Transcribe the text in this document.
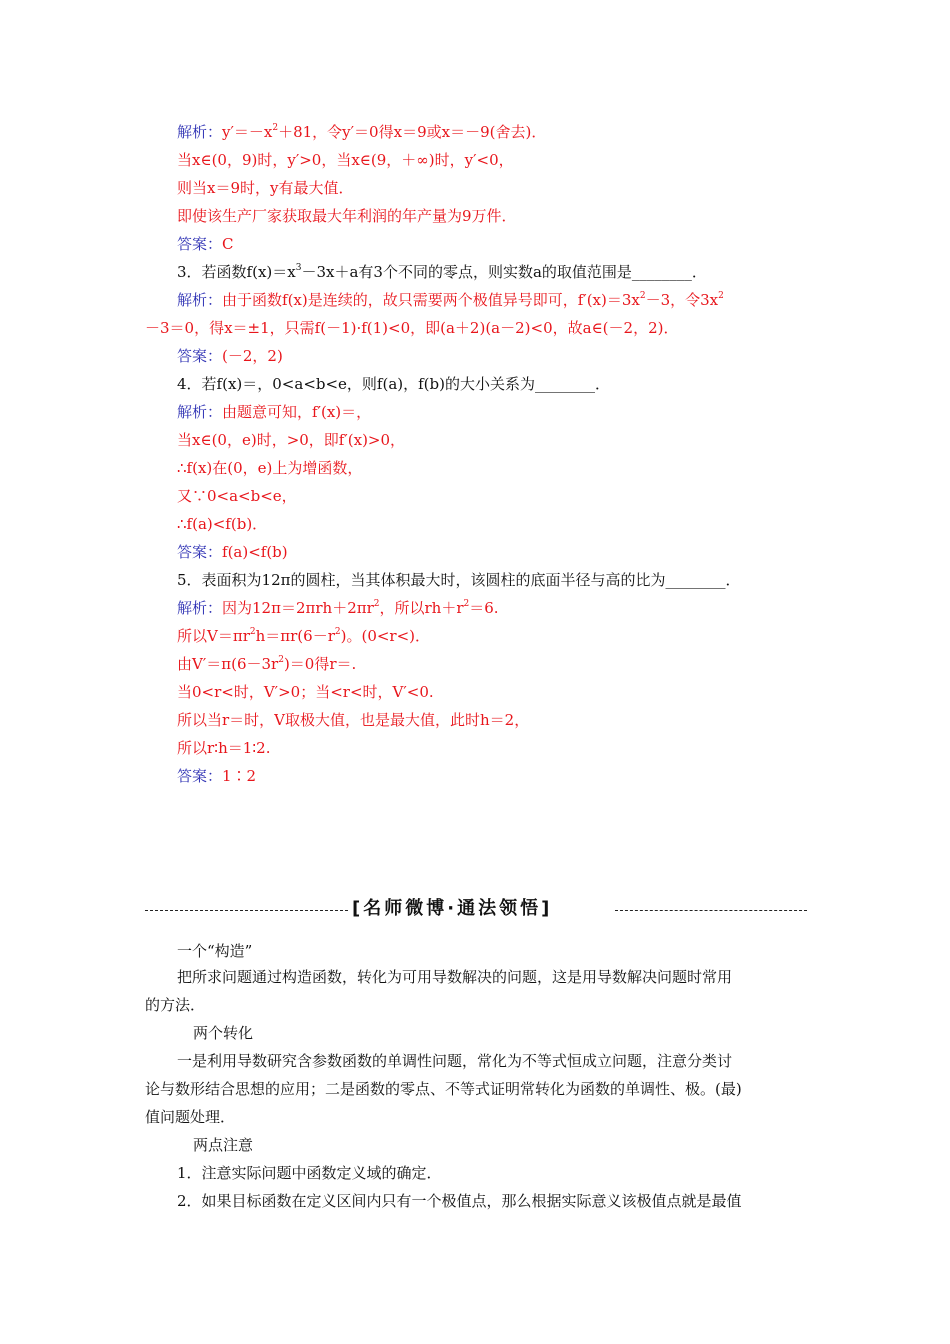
解析：$y'=-x^2+81$，令y′＝0得x＝9或x＝－9(舍去)．
当x∈(0，9)时，y′>0，当x∈(9，＋∞)时，y′<0，
则当x＝9时，y有最大值．
即使该生产厂家获取最大年利润的年产量为9万件．
答案：C
3．若函数$f(x)=x^3-3x+a$有3个不同的零点，则实数a的取值范围是________．
解析：由于函数f(x)是连续的，故只需要两个极值异号即可，$f'(x)=3x^2-3$，令$3x^2$
－3＝0，得x＝±1，只需f(－1)·f(1)<0，即(a＋2)(a－2)<0，故a∈(－2，2)．
答案：(－2，2)
4．若f(x)＝，0<a<b<e，则f(a)，f(b)的大小关系为________．
解析：由题意可知，f′(x)＝，
当x∈(0，e)时，>0，即f′(x)>0，
∴f(x)在(0，e)上为增函数，
又∵0<a<b<e，
∴f(a)<f(b)．
答案：f(a)<f(b)
5．表面积为12π的圆柱，当其体积最大时，该圆柱的底面半径与高的比为________．
解析：因为$12\pi=2\pi rh+2\pi r^2$，所以$rh+r^2=6$.
所以$V=\pi r^2h=\pi r(6-r^2)$。(0<r<)．
由$V'=\pi(6-3r^2)=0$得r＝.
当0<r<时，V′>0；当<r<时，V′<0.
所以当r＝时，V取极大值，也是最大值，此时h＝2，
所以r∶h＝1∶2.
答案：1∶2
[名师微博·通法领悟]
一个“构造”
把所求问题通过构造函数，转化为可用导数解决的问题，这是用导数解决问题时常用
的方法．
两个转化
一是利用导数研究含参数函数的单调性问题，常化为不等式恒成立问题，注意分类讨
论与数形结合思想的应用；二是函数的零点、不等式证明常转化为函数的单调性、极。(最)
值问题处理．
两点注意
1．注意实际问题中函数定义域的确定．
2．如果目标函数在定义区间内只有一个极值点，那么根据实际意义该极值点就是最值
